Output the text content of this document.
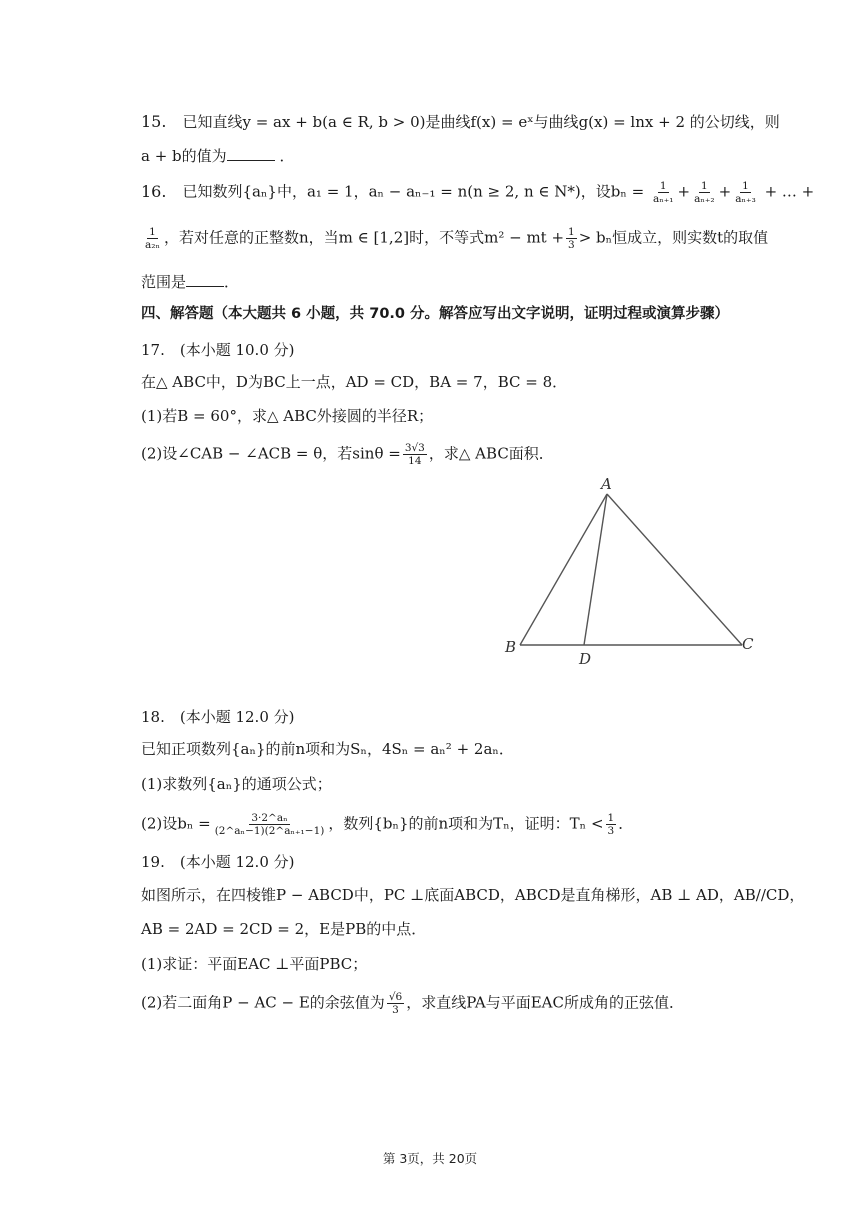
15. 已知直线y = ax + b(a ∈ R, b > 0)是曲线f(x) = eˣ与曲线g(x) = lnx + 2 的公切线，则
a + b的值为	．
16. 已知数列{aₙ}中，a₁ = 1，aₙ − aₙ₋₁ = n(n ≥ 2, n ∈ N*)，设$b_n = \frac{1}{\text{aₙ₊₁}} + \frac{1}{\text{aₙ₊₂}} + \frac{1}{\text{aₙ₊₃}}$ + … +
$\frac{1}{\text{a₂ₙ}}$ ，若对任意的正整数n，当m ∈ [1,2]时，不等式m² − mt + $\frac{1}{3} > b_n$恒成立，则实数t的取值
范围是	．
四、解答题（本大题共 6 小题，共 70.0 分。解答应写出文字说明，证明过程或演算步骤）
17.　(本小题 10.0 分)
在△ ABC中，D为BC上一点，AD = CD，BA = 7，BC = 8．
(1)若B = 60°，求△ ABC外接圆的半径R；
(2)设∠CAB − ∠ACB = θ，若$\sin\theta = \frac{3√3}{14}$ ，求△ ABC面积．
A
B	C
D
18.　(本小题 12.0 分)
已知正项数列{aₙ}的前n项和为Sₙ，4Sₙ = aₙ² + 2aₙ．
(1)求数列{aₙ}的通项公式；
(2)设$b_n = \frac{\text{3·2\textasciicircum{}aₙ}}{\text{(2\textasciicircum{}aₙ−1)(2\textasciicircum{}aₙ₊₁−1)}}$ ，数列{bₙ}的前n项和为Tₙ，证明：$T_n < \frac{1}{3}$ ．
19.　(本小题 12.0 分)
如图所示，在四棱锥P − ABCD中，PC ⊥底面ABCD，ABCD是直角梯形，AB ⊥ AD，AB//CD，
AB = 2AD = 2CD = 2，E是PB的中点．
(1)求证：平面EAC ⊥平面PBC；
(2)若二面角P − AC − E的余弦值为 $\frac{√6}{3}$ ，求直线PA与平面EAC所成角的正弦值．
第 3页，共 20页
